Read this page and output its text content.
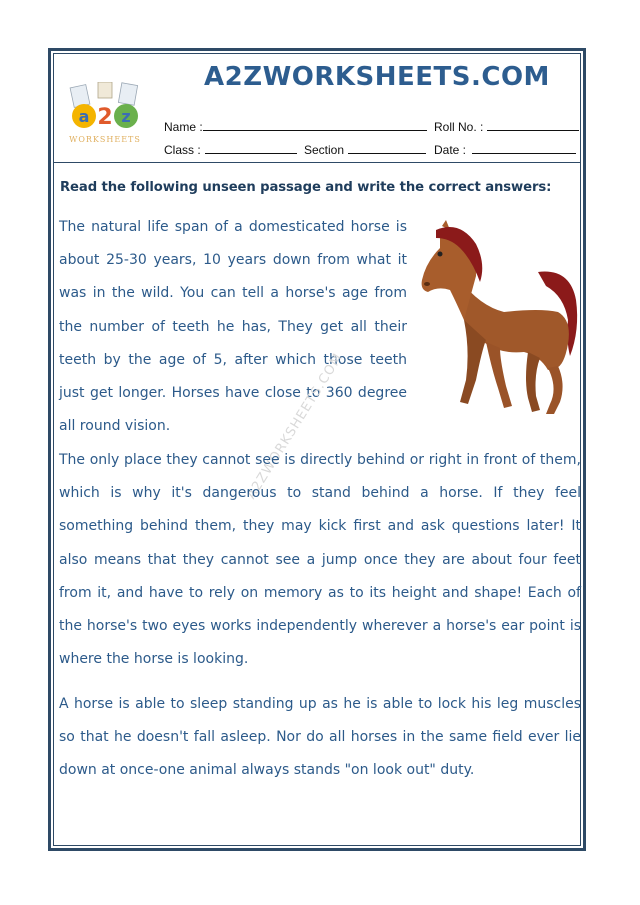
a 2 z
WORKSHEETS
A2ZWORKSHEETS.COM
Name :	Roll No. :
Class :	Section	Date :
Read the following unseen passage and write the correct answers:
The natural life span of a domesticated horse is about 25-30 years, 10 years down from what it was in the wild. You can tell a horse's age from the number of teeth he has, They get all their teeth by the age of 5, after which those teeth just get longer. Horses have close to 360 degree all round vision.	A2ZWORKSHEETS.COM
The only place they cannot see is directly behind or right in front of them, which is why it's dangerous to stand behind a horse. If they feel something behind them, they may kick first and ask questions later! It also means that they cannot see a jump once they are about four feet from it, and have to rely on memory as to its height and shape! Each of the horse's two eyes works independently wherever a horse's ear point is where the horse is looking.
A horse is able to sleep standing up as he is able to lock his leg muscles so that he doesn't fall asleep. Nor do all horses in the same field ever lie down at once-one animal always stands "on look out" duty.
